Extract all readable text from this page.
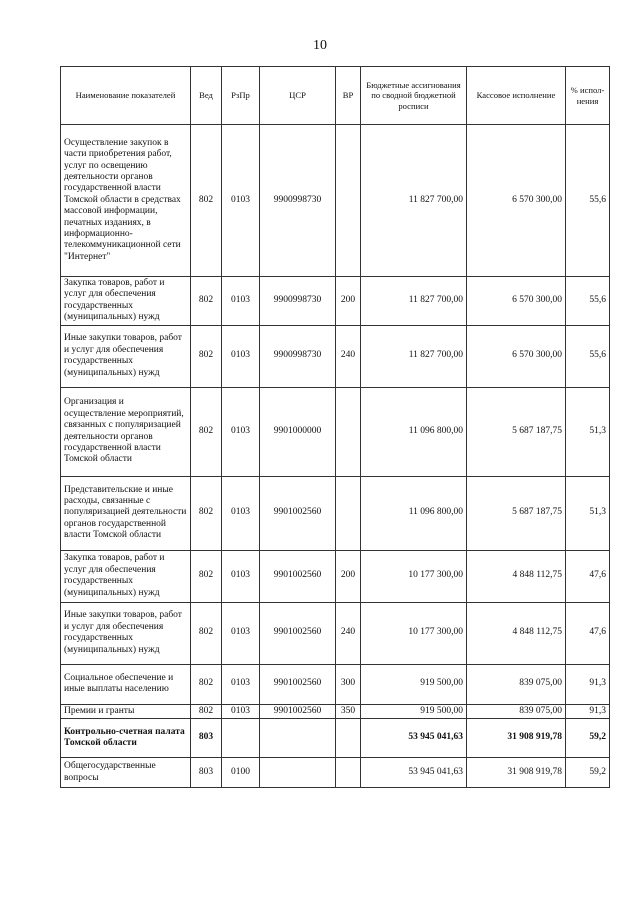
10
Наименование показателей	Вед	РзПр	ЦСР	ВР	Бюджетные ассигнования по сводной бюджетной росписи	Кассовое исполнение	% испол-нения
Осуществление закупок в части приобретения работ, услуг по освещению деятельности органов государственной власти Томской области в средствах массовой информации, печатных изданиях, в информационно-телекоммуникационной сети "Интернет"	802	0103	9900998730		11 827 700,00	6 570 300,00	55,6
Закупка товаров, работ и услуг для обеспечения государственных (муниципальных) нужд	802	0103	9900998730	200	11 827 700,00	6 570 300,00	55,6
Иные закупки товаров, работ и услуг для обеспечения государственных (муниципальных) нужд	802	0103	9900998730	240	11 827 700,00	6 570 300,00	55,6
Организация и осуществление мероприятий, связанных с популяризацией деятельности органов государственной власти Томской области	802	0103	9901000000		11 096 800,00	5 687 187,75	51,3
Представительские и иные расходы, связанные с популяризацией деятельности органов государственной власти Томской области	802	0103	9901002560		11 096 800,00	5 687 187,75	51,3
Закупка товаров, работ и услуг для обеспечения государственных (муниципальных) нужд	802	0103	9901002560	200	10 177 300,00	4 848 112,75	47,6
Иные закупки товаров, работ и услуг для обеспечения государственных (муниципальных) нужд	802	0103	9901002560	240	10 177 300,00	4 848 112,75	47,6
Социальное обеспечение и иные выплаты населению	802	0103	9901002560	300	919 500,00	839 075,00	91,3
Премии и гранты	802	0103	9901002560	350	919 500,00	839 075,00	91,3
Контрольно-счетная палата Томской области	803				53 945 041,63	31 908 919,78	59,2
Общегосударственные вопросы	803	0100			53 945 041,63	31 908 919,78	59,2
